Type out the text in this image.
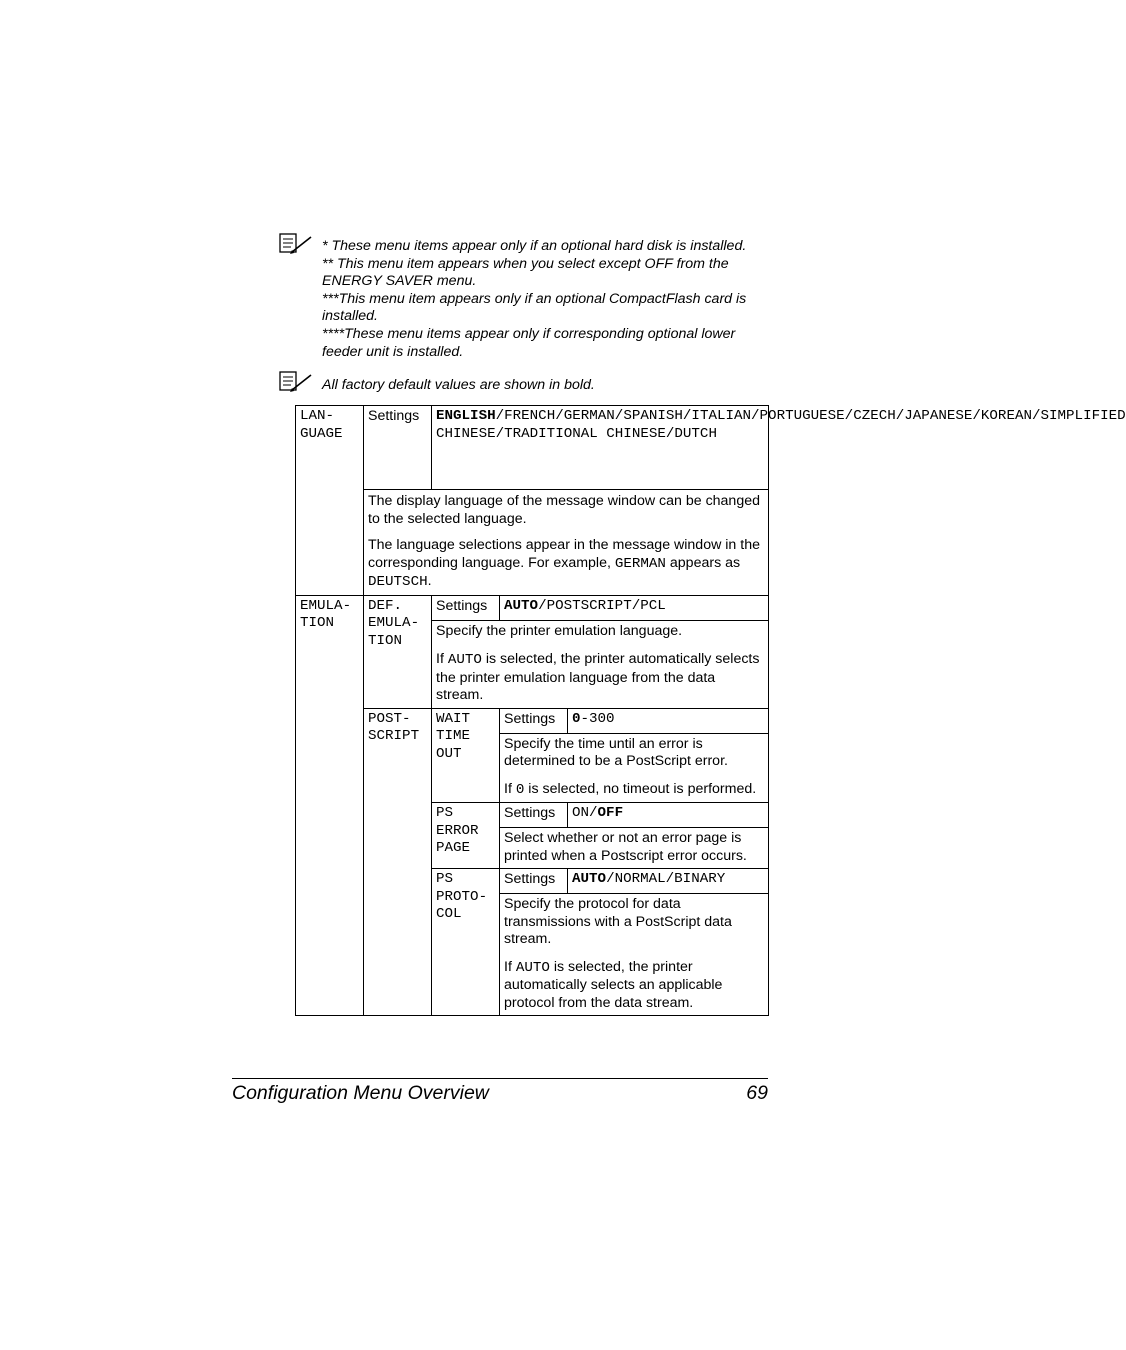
* These menu items appear only if an optional hard disk is installed.

** This menu item appears when you select except OFF from the ENERGY SAVER menu.

***This menu item appears only if an optional CompactFlash card is installed.

****These menu items appear only if corresponding optional lower feeder unit is installed.

All factory default values are shown in bold.

LAN-GUAGE	Settings	ENGLISH/FRENCH/GERMAN/SPANISH/ITALIAN/PORTUGUESE/CZECH/JAPANESE/KOREAN/SIMPLIFIED CHINESE/TRADITIONAL CHINESE/DUTCH		

	The display language of the message window can be changed to the selected language.

The language selections appear in the message window in the corresponding language. For example, GERMAN appears as DEUTSCH.			

EMULA-TION	DEF. EMULA-TION	Settings	AUTO/POSTSCRIPT/PCL	

		Specify the printer emulation language.

If AUTO is selected, the printer automatically selects the printer emulation language from the data stream.		

	POST-SCRIPT	WAIT TIME OUT	Settings	0-300

			Specify the time until an error is determined to be a PostScript error.

If 0 is selected, no timeout is performed.	

		PS ERROR PAGE	Settings	ON/OFF

			Select whether or not an error page is printed when a Postscript error occurs.	

		PS PROTO-COL	Settings	AUTO/NORMAL/BINARY

			Specify the protocol for data transmissions with a PostScript data stream.

If AUTO is selected, the printer automatically selects an applicable protocol from the data stream.	

Configuration Menu Overview	69
